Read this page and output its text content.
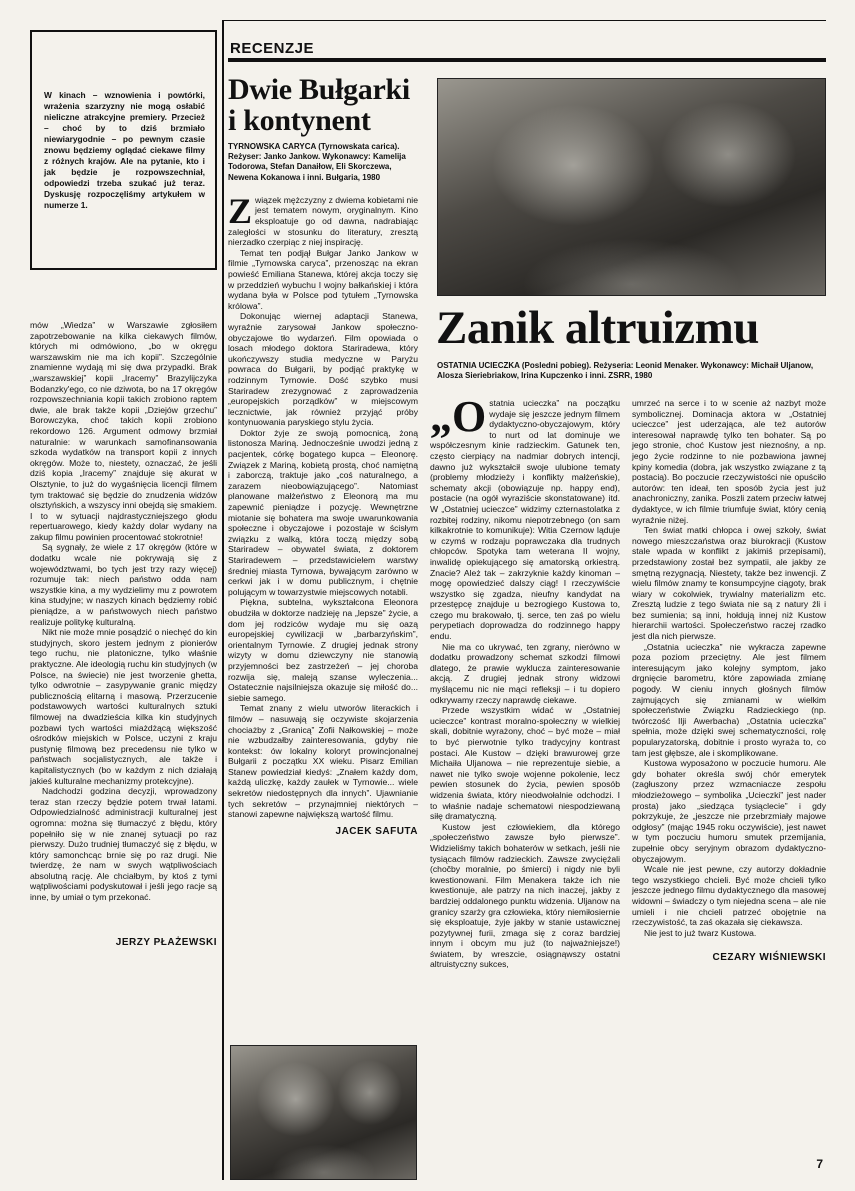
RECENZJE

W kinach – wznowienia i powtórki, wrażenia szarzyzny nie mogą osłabić nieliczne atrakcyjne premiery. Przecież – choć by to dziś brzmiało niewiarygodnie – po pewnym czasie znowu będziemy oglądać ciekawe filmy z różnych krajów. Ale na pytanie, kto i jak będzie je rozpowszechniał, odpowiedzi trzeba szukać już teraz. Dyskusję rozpoczęliśmy artykułem w numerze 1.

mów „Wiedza” w Warszawie zgłosiłem zapotrzebowanie na kilka ciekawych filmów, których mi odmówiono, „bo w okręgu warszawskim nie ma ich kopii”. Szczególnie znamienne wydają mi się dwa przypadki. Brak „warszawskiej” kopii „Iracemy” Brazylijczyka Bodanzky'ego, co nie dziwota, bo na 17 okręgów rozpowszechniania kopii takich zrobiono raptem dwie, ale brak także kopii „Dziejów grzechu” Borowczyka, choć takich kopii zrobiono rekordowo 126. Argument odmowy brzmiał naturalnie: w warunkach samofinansowania szkoda wydatków na transport kopii z innych okręgów. Może to, niestety, oznaczać, że jeśli dziś kopia „Iracemy” znajduje się akurat w Olsztynie, to już do wygaśnięcia licencji filmem tym traktować się będzie do znudzenia widzów olsztyńskich, a wszyscy inni obejdą się smakiem. I to w sytuacji najdrastyczniejszego głodu repertuarowego, kiedy każdy dolar wydany na zakup filmu powinien procentować stokrotnie!

Są sygnały, że wiele z 17 okręgów (które w dodatku wcale nie pokrywają się z województwami, bo tych jest trzy razy więcej) rozumuje tak: niech państwo odda nam wszystkie kina, a my wydzielimy mu z powrotem kina studyjne; w naszych kinach będziemy robić pieniądze, a w państwowych niech państwo realizuje politykę kulturalną.

Nikt nie może mnie posądzić o niechęć do kin studyjnych, skoro jestem jednym z pionierów tego ruchu, nie platoniczne, tylko właśnie praktyczne. Ale ideologią ruchu kin studyjnych (w Polsce, na świecie) nie jest tworzenie ghetta, tylko odwrotnie – zasypywanie granic między publicznością elitarną i masową. Przerzucenie podstawowych wartości kulturalnych sztuki filmowej na dwadzieścia kilka kin studyjnych pozbawi tych wartości miażdżącą większość ośrodków miejskich w Polsce, uczyni z kraju pustynię filmową bez precedensu nie tylko w państwach socjalistycznych, ale także i kapitalistycznych (bo w każdym z nich działają jakieś kulturalne mechanizmy protekcyjne).

Nadchodzi godzina decyzji, wprowadzony teraz stan rzeczy będzie potem trwał latami. Odpowiedzialność administracji kulturalnej jest ogromna: można się tłumaczyć z błędu, który popełniło się w nie znanej sytuacji po raz pierwszy. Dużo trudniej tłumaczyć się z błędu, w który samonchcąc brnie się po raz drugi. Nie twierdzę, że nam w swych wątpliwościach absolutną rację. Ale chciałbym, by ktoś z tymi wątpliwościami podyskutował i jeśli jego racje są inne, by umiał o tym przekonać.

JERZY PŁAŻEWSKI
Dwie Bułgarki i kontynent
TYRNOWSKA CARYCA (Tyrnowskata carica). Reżyser: Janko Jankow. Wykonawcy: Kamelija Todorowa, Stefan Danaiłow, Eli Skorczewa, Newena Kokanowa i inni. Bułgaria, 1980

Związek mężczyzny z dwiema kobietami nie jest tematem nowym, oryginalnym. Kino eksploatuje go od dawna, nadrabiając zaległości w stosunku do literatury, zresztą nierzadko czerpiąc z niej inspirację.

Temat ten podjął Bułgar Janko Jankow w filmie „Tyrnowska caryca”, przenosząc na ekran powieść Emiliana Stanewa, której akcja toczy się w przeddzień wybuchu I wojny bałkańskiej i która wydana była w Polsce pod tytułem „Tyrnowska królowa”.

Dokonując wiernej adaptacji Stanewa, wyraźnie zarysował Jankow społeczno-obyczajowe tło wydarzeń. Film opowiada o losach młodego doktora Stariradewa, który ukończywszy studia medyczne w Paryżu powraca do Bułgarii, by podjąć praktykę w rodzinnym Tyrnowie. Dość szybko musi Stariradew zrezygnować z zaprowadzenia „europejskich porządków” w miejscowym lecznictwie, jak również przyjąć próby kontynuowania paryskiego stylu życia.

Doktor żyje ze swoją pomocnicą, żoną listonosza Mariną. Jednocześnie uwodzi jedną z pacjentek, córkę bogatego kupca – Eleonorę. Związek z Mariną, kobietą prostą, choć namiętną i zaborczą, traktuje jako „coś naturalnego, a zarazem nieobowiązującego”. Natomiast planowane małżeństwo z Eleonorą ma mu zapewnić pieniądze i pozycję. Wewnętrzne miotanie się bohatera ma swoje uwarunkowania społeczne i obyczajowe i pozostaje w ścisłym związku z walką, która toczą między sobą Stariradew – obywatel świata, z doktorem Stariradewem – przedstawicielem warstwy średniej miasta Tyrnowa, bywającym zarówno w cerkwi jak i w domu publicznym, i chętnie polującym w towarzystwie miejscowych notabli.

Piękna, subtelna, wykształcona Eleonora obudziła w doktorze nadzieję na „lepsze” życie, a dom jej rodziców wydaje mu się oazą europejskiej cywilizacji w „barbarzyńskim”, orientalnym Tyrnowie. Z drugiej jednak strony wizyty w domu dziewczyny nie stanowią przyjemności bez zastrzeżeń – jej choroba rozwija się, maleją szanse wyleczenia... Ostatecznie najsilniejsza okazuje się miłość do... siebie samego.

Temat znany z wielu utworów literackich i filmów – nasuwają się oczywiste skojarzenia chociażby z „Granicą” Zofii Nałkowskiej – może nie wzbudzałby zainteresowania, gdyby nie kontekst: ów lokalny koloryt prowincjonalnej Bułgarii z początku XX wieku. Pisarz Emilian Stanew powiedział kiedyś: „Znałem każdy dom, każdą uliczkę, każdy zaułek w Tyrnowie... wiele sekretów niedostępnych dla innych”. Ujawnianie tych sekretów – przynajmniej niektórych – stanowi zapewne największą wartość filmu.

JACEK SAFUTA
Zanik altruizmu
OSTATNIA UCIECZKA (Posledni pobieg). Reżyseria: Leonid Menaker. Wykonawcy: Michaił Uljanow, Alosza Sieriebriakow, Irina Kupczenko i inni. ZSRR, 1980

„Ostatnia ucieczka” na początku wydaje się jeszcze jednym filmem dydaktyczno-obyczajowym, który to nurt od lat dominuje we współczesnym kinie radzieckim. Gatunek ten, często cierpiący na nadmiar dobrych intencji, dawno już wykształcił swoje ulubione tematy (problemy młodzieży i konflikty małżeńskie), schematy akcji (obowiązuje np. happy end), postacie (na ogół wyraziście skonstatowane) itd. W „Ostatniej ucieczce” widzimy czternastolatka z rozbitej rodziny, nikomu niepotrzebnego (on sam kilkakrotnie to komunikuje): Witia Czernow ląduje w czymś w rodzaju poprawczaka dla trudnych chłopców. Spotyka tam weterana II wojny, inwalidę opiekującego się amatorską orkiestrą. Znacie? Ależ tak – zakrzyknie każdy kinoman – mogę opowiedzieć dalszy ciąg! I rzeczywiście wszystko się zgadza, nieufny kandydat na przestępcę znajduje u bezrogiego Kustowa to, czego mu brakowało, tj. serce, ten zaś po wielu perypetiach doprowadza do rodzinnego happy endu.

Nie ma co ukrywać, ten zgrany, nierówno w dodatku prowadzony schemat szkodzi filmowi dlatego, że prawie wyklucza zainteresowanie akcją. Z drugiej jednak strony widzowi myślącemu nic nie mąci refleksji – i tu dopiero odkrywamy rzeczy naprawdę ciekawe.

Przede wszystkim widać w „Ostatniej ucieczce” kontrast moralno-społeczny w wielkiej skali, dobitnie wyrażony, choć – być może – miał to być pierwotnie tylko tradycyjny kontrast postaci. Ale Kustow – dzięki brawurowej grze Michaiła Uljanowa – nie reprezentuje siebie, a nawet nie tylko swoje wojenne pokolenie, lecz pewien stosunek do życia, pewien sposób widzenia świata, który nieodwołalnie odchodzi. I to właśnie nadaje schematowi niespodziewaną siłę dramatyczną.

Kustow jest człowiekiem, dla którego „społeczeństwo zawsze było pierwsze”. Widzieliśmy takich bohaterów w setkach, jeśli nie tysiącach filmów radzieckich. Zawsze zwyciężali (chočby moralnie, po śmierci) i nigdy nie byli kwestionowani. Film Menakera także ich nie kwestionuje, ale patrzy na nich inaczej, jakby z bardziej oddalonego punktu widzenia. Uljanow na granicy szarży gra człowieka, który niemiłosiernie się eksploatuje, żyje jakby w stanie ustawicznej pozytywnej furii, zmaga się z coraz bardziej innym i obcym mu już (to najważniejsze!) światem, by wreszcie, osiągnąwszy ostatni altruistyczny sukces,

umrzeć na serce i to w scenie aż nazbyt może symbolicznej. Dominacja aktora w „Ostatniej ucieczce” jest uderzająca, ale też autorów interesował naprawdę tylko ten bohater. Są po jego stronie, choć Kustow jest nieznośny, a np. jego życie rodzinne to nie pozbawiona jawnej kpiny komedia (dobra, jak wszystko związane z tą postacią). Bo poczucie rzeczywistości nie opuściło autorów: ten ideał, ten sposób życia jest już anachroniczny, zanika. Poszli zatem przeciw łatwej dydaktyce, w ich filmie triumfuje świat, który cenią wyraźnie niżej.

Ten świat matki chłopca i owej szkoły, świat nowego mieszczaństwa oraz biurokracji (Kustow stale wpada w konflikt z jakimiś przepisami), przedstawiony został bez sympatii, ale jakby ze smętną rezygnacją. Niestety, także bez inwencji. Z wielu filmów znamy te konsumpcyjne ciągoty, brak wiary w cokolwiek, trywialny materializm etc. Zresztą ludzie z tego świata nie są z natury źli i bez sumienia; są inni, hołdują innej niż Kustow hierarchii wartości. Społeczeństwo raczej rzadko jest dla nich pierwsze.

„Ostatnia ucieczka” nie wykracza zapewne poza poziom przeciętny. Ale jest filmem interesującym jako kolejny symptom, jako drgnięcie barometru, które zapowiada zmianę pogody. W cieniu innych głośnych filmów zajmujących się zmianami w wielkim społeczeństwie Związku Radzieckiego (np. twórczość Ilji Awerbacha) „Ostatnia ucieczka” spełnia, może dzięki swej schematyczności, rolę popularyzatorską, dobitnie i prosto wyraża to, co tam jest głębsze, ale i skomplikowane.

Kustowa wyposażono w poczucie humoru. Ale gdy bohater określa swój chór emerytek (zagłuszony przez wzmacniacze zespołu młodzieżowego – symbolika „Ucieczki” jest nader prosta) jako „siedząca tysiąclecie” i gdy pokrzykuje, że „jeszcze nie przebrzmiały majowe odgłosy” (mając 1945 roku oczywiście), jest nawet w tym poczuciu humoru smutek przemijania, zupełnie obcy seryjnym obrazom dydaktyczno-obyczajowym.

Wcale nie jest pewne, czy autorzy dokładnie tego wszystkiego chcieli. Być może chcieli tylko jeszcze jednego filmu dydaktycznego dla masowej widowni – świadczy o tym niejedna scena – ale nie umieli i nie chcieli patrzeć obojętnie na rzeczywistość, ta zaś okazała się ciekawsza.

Nie jest to już twarz Kustowa.

CEZARY WIŚNIEWSKI
7
